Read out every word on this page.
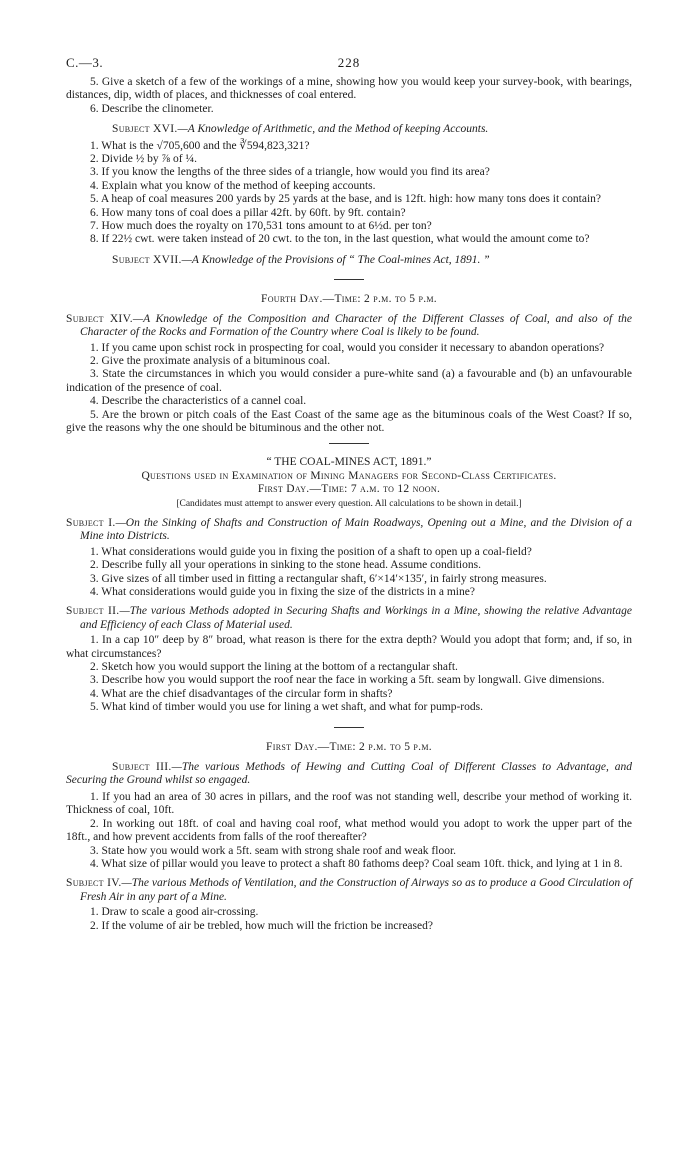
C.—3.	228

5. Give a sketch of a few of the workings of a mine, showing how you would keep your survey-book, with bearings, distances, dip, width of places, and thicknesses of coal entered.

6. Describe the clinometer.

Subject XVI.—A Knowledge of Arithmetic, and the Method of keeping Accounts.

1. What is the √705,600 and the ∛594,823,321?

2. Divide ½ by ⅞ of ¼.

3. If you know the lengths of the three sides of a triangle, how would you find its area?

4. Explain what you know of the method of keeping accounts.

5. A heap of coal measures 200 yards by 25 yards at the base, and is 12ft. high: how many tons does it contain?

6. How many tons of coal does a pillar 42ft. by 60ft. by 9ft. contain?

7. How much does the royalty on 170,531 tons amount to at 6½d. per ton?

8. If 22½ cwt. were taken instead of 20 cwt. to the ton, in the last question, what would the amount come to?

Subject XVII.—A Knowledge of the Provisions of “ The Coal-mines Act, 1891. ”

Fourth Day.—Time: 2 p.m. to 5 p.m.

Subject XIV.—A Knowledge of the Composition and Character of the Different Classes of Coal, and also of the Character of the Rocks and Formation of the Country where Coal is likely to be found.

1. If you came upon schist rock in prospecting for coal, would you consider it necessary to abandon operations?

2. Give the proximate analysis of a bituminous coal.

3. State the circumstances in which you would consider a pure-white sand (a) a favourable and (b) an unfavourable indication of the presence of coal.

4. Describe the characteristics of a cannel coal.

5. Are the brown or pitch coals of the East Coast of the same age as the bituminous coals of the West Coast? If so, give the reasons why the one should be bituminous and the other not.

“ THE COAL-MINES ACT, 1891.”

Questions used in Examination of Mining Managers for Second-Class Certificates.

First Day.—Time: 7 a.m. to 12 noon.

[Candidates must attempt to answer every question. All calculations to be shown in detail.]

Subject I.—On the Sinking of Shafts and Construction of Main Roadways, Opening out a Mine, and the Division of a Mine into Districts.

1. What considerations would guide you in fixing the position of a shaft to open up a coal-field?

2. Describe fully all your operations in sinking to the stone head. Assume conditions.

3. Give sizes of all timber used in fitting a rectangular shaft, 6′×14′×135′, in fairly strong measures.

4. What considerations would guide you in fixing the size of the districts in a mine?

Subject II.—The various Methods adopted in Securing Shafts and Workings in a Mine, showing the relative Advantage and Efficiency of each Class of Material used.

1. In a cap 10″ deep by 8″ broad, what reason is there for the extra depth? Would you adopt that form; and, if so, in what circumstances?

2. Sketch how you would support the lining at the bottom of a rectangular shaft.

3. Describe how you would support the roof near the face in working a 5ft. seam by longwall. Give dimensions.

4. What are the chief disadvantages of the circular form in shafts?

5. What kind of timber would you use for lining a wet shaft, and what for pump-rods.

First Day.—Time: 2 p.m. to 5 p.m.

Subject III.—The various Methods of Hewing and Cutting Coal of Different Classes to Advantage, and Securing the Ground whilst so engaged.

1. If you had an area of 30 acres in pillars, and the roof was not standing well, describe your method of working it. Thickness of coal, 10ft.

2. In working out 18ft. of coal and having coal roof, what method would you adopt to work the upper part of the 18ft., and how prevent accidents from falls of the roof thereafter?

3. State how you would work a 5ft. seam with strong shale roof and weak floor.

4. What size of pillar would you leave to protect a shaft 80 fathoms deep? Coal seam 10ft. thick, and lying at 1 in 8.

Subject IV.—The various Methods of Ventilation, and the Construction of Airways so as to produce a Good Circulation of Fresh Air in any part of a Mine.

1. Draw to scale a good air-crossing.

2. If the volume of air be trebled, how much will the friction be increased?
